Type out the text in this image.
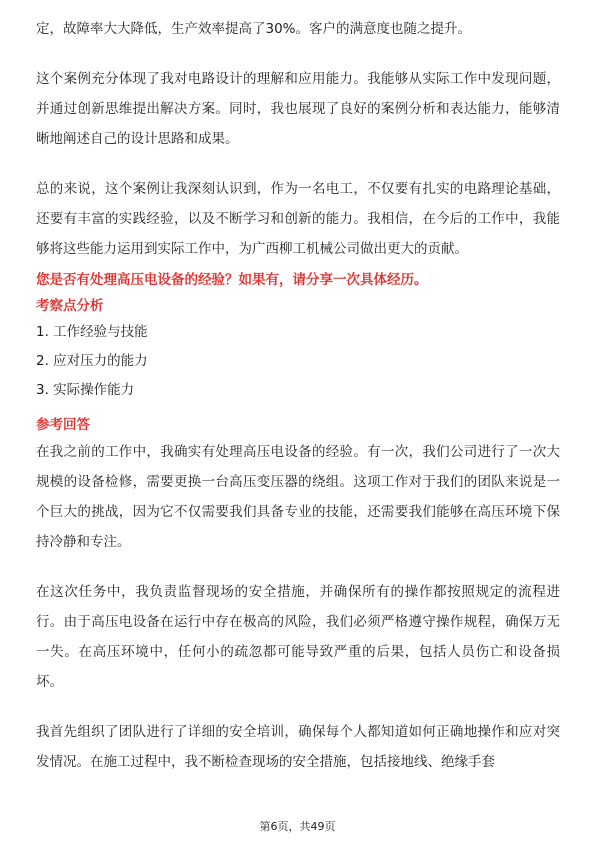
定，故障率大大降低，生产效率提高了30%。客户的满意度也随之提升。

这个案例充分体现了我对电路设计的理解和应用能力。我能够从实际工作中发现问题，并通过创新思维提出解决方案。同时，我也展现了良好的案例分析和表达能力，能够清晰地阐述自己的设计思路和成果。

总的来说，这个案例让我深刻认识到，作为一名电工，不仅要有扎实的电路理论基础，还要有丰富的实践经验，以及不断学习和创新的能力。我相信，在今后的工作中，我能够将这些能力运用到实际工作中，为广西柳工机械公司做出更大的贡献。

您是否有处理高压电设备的经验？如果有，请分享一次具体经历。
考察点分析
1. 工作经验与技能
2. 应对压力的能力
3. 实际操作能力
参考回答

在我之前的工作中，我确实有处理高压电设备的经验。有一次，我们公司进行了一次大规模的设备检修，需要更换一台高压变压器的绕组。这项工作对于我们的团队来说是一个巨大的挑战，因为它不仅需要我们具备专业的技能，还需要我们能够在高压环境下保持冷静和专注。

在这次任务中，我负责监督现场的安全措施，并确保所有的操作都按照规定的流程进行。由于高压电设备在运行中存在极高的风险，我们必须严格遵守操作规程，确保万无一失。在高压环境中，任何小的疏忽都可能导致严重的后果，包括人员伤亡和设备损坏。

我首先组织了团队进行了详细的安全培训，确保每个人都知道如何正确地操作和应对突发情况。在施工过程中，我不断检查现场的安全措施，包括接地线、绝缘手套

第6页，共49页
